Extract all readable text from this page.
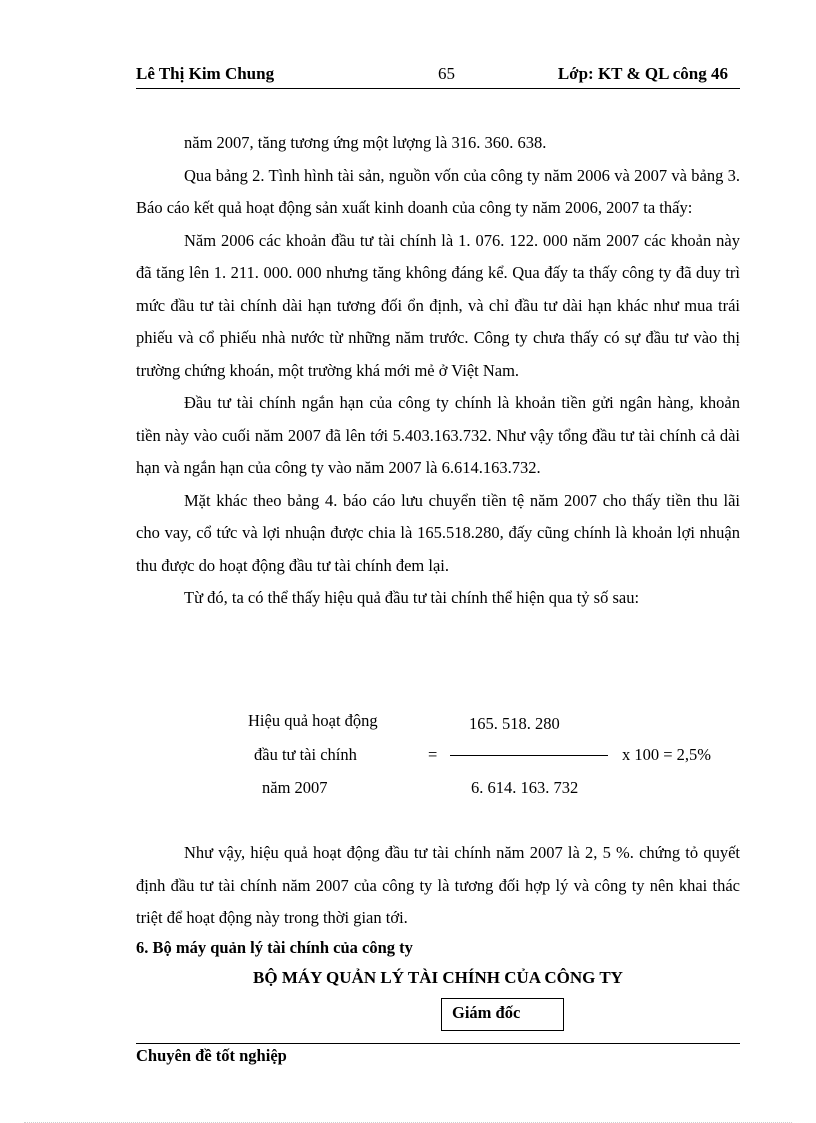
Lê Thị Kim Chung	65	Lớp: KT & QL công 46

năm 2007, tăng tương ứng một lượng là 316. 360. 638.

Qua bảng 2. Tình hình tài sản, nguồn vốn của công ty năm 2006 và 2007 và bảng 3. Báo cáo kết quả hoạt động sản xuất kinh doanh của công ty năm 2006, 2007 ta thấy:

Năm 2006 các khoản đầu tư tài chính là 1. 076. 122. 000 năm 2007 các khoản này đã tăng lên 1. 211. 000. 000 nhưng tăng không đáng kể. Qua đấy ta thấy công ty đã duy trì mức đầu tư tài chính dài hạn tương đối ổn định, và chỉ đầu tư dài hạn khác như mua trái phiếu và cổ phiếu nhà nước từ những năm trước. Công ty chưa thấy có sự đầu tư vào thị trường chứng khoán, một trường khá mới mẻ ở Việt Nam.

Đầu tư tài chính ngắn hạn của công ty chính là khoản tiền gửi ngân hàng, khoản tiền này vào cuối năm 2007 đã lên tới 5.403.163.732. Như vậy tổng đầu tư tài chính cả dài hạn và ngắn hạn của công ty vào năm 2007 là 6.614.163.732.

Mặt khác theo bảng 4. báo cáo lưu chuyển tiền tệ năm 2007 cho thấy tiền thu lãi cho vay, cổ tức và lợi nhuận được chia là 165.518.280, đấy cũng chính là khoản lợi nhuận thu được do hoạt động đầu tư tài chính đem lại.

Từ đó, ta có thể thấy hiệu quả đầu tư tài chính thể hiện qua tỷ số sau:

Hiệu quả hoạt động
đầu tư tài chính
năm 2007
=
165. 518. 280
6. 614. 163. 732
x 100 = 2,5%

Như vậy, hiệu quả hoạt động đầu tư tài chính năm 2007 là 2, 5 %. chứng tỏ quyết định đầu tư tài chính năm 2007 của công ty là tương đối hợp lý và công ty nên khai thác triệt để hoạt động này trong thời gian tới.

6. Bộ máy quản lý tài chính của công ty
BỘ MÁY QUẢN LÝ TÀI CHÍNH CỦA CÔNG TY
Giám đốc
Chuyên đề tốt nghiệp
